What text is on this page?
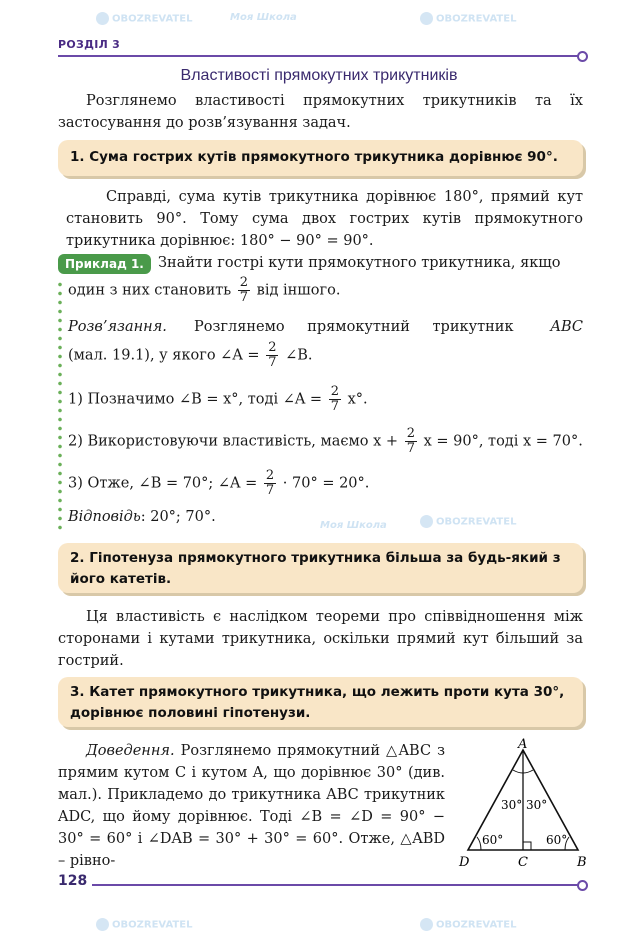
OBOZREVATEL	Моя Школа	OBOZREVATEL
Моя Школа	OBOZREVATEL
OBOZREVATEL	OBOZREVATEL
РОЗДІЛ 3
Властивості прямокутних трикутників

Розглянемо властивості прямокутних трикутників та їх застосування до розв’язування задач.

1. Сума гострих кутів прямокутного трикутника дорівнює 90°.

Справді, сума кутів трикутника дорівнює 180°, прямий кут становить 90°. Тому сума двох гострих кутів прямокутного трикутника дорівнює: 180° − 90° = 90°.

Приклад 1. Знайти гострі кути прямокутного трикутника, якщо
один з них становить $\frac{2}{7}$ від іншого.
Розв’язання. Розглянемо прямокутний трикутник	ABC
(мал. 19.1), у якого ∠A = $\frac{2}{7}$ ∠B.
1) Позначимо ∠B = x°, тоді ∠A = $\frac{2}{7} x^\circ$.
2) Використовуючи властивість, маємо $x + \frac{2}{7}$ x = 90°, тоді x = 70°.
3) Отже, ∠B = 70°; ∠A = $\frac{2}{7} \cdot 70^\circ = 20^\circ$.
Відповідь: 20°; 70°.
2. Гіпотенуза прямокутного трикутника більша за будь-який з його катетів.

Ця властивість є наслідком теореми про співвідношення між сторонами і кутами трикутника, оскільки прямий кут більший за гострий.

3. Катет прямокутного трикутника, що лежить проти кута 30°, дорівнює половині гіпотенузи.

Доведення. Розглянемо прямокутний △ABC з прямим кутом C і кутом A, що дорівнює 30° (див. мал.). Прикладемо до трикутника ABC трикутник ADC, що йому дорівнює. Тоді ∠B = ∠D = 90° − 30° = 60° і ∠DAB = 30° + 30° = 60°. Отже, △ABD – рівно-

A
D	C	B
30° 30°
60°	60°
128
